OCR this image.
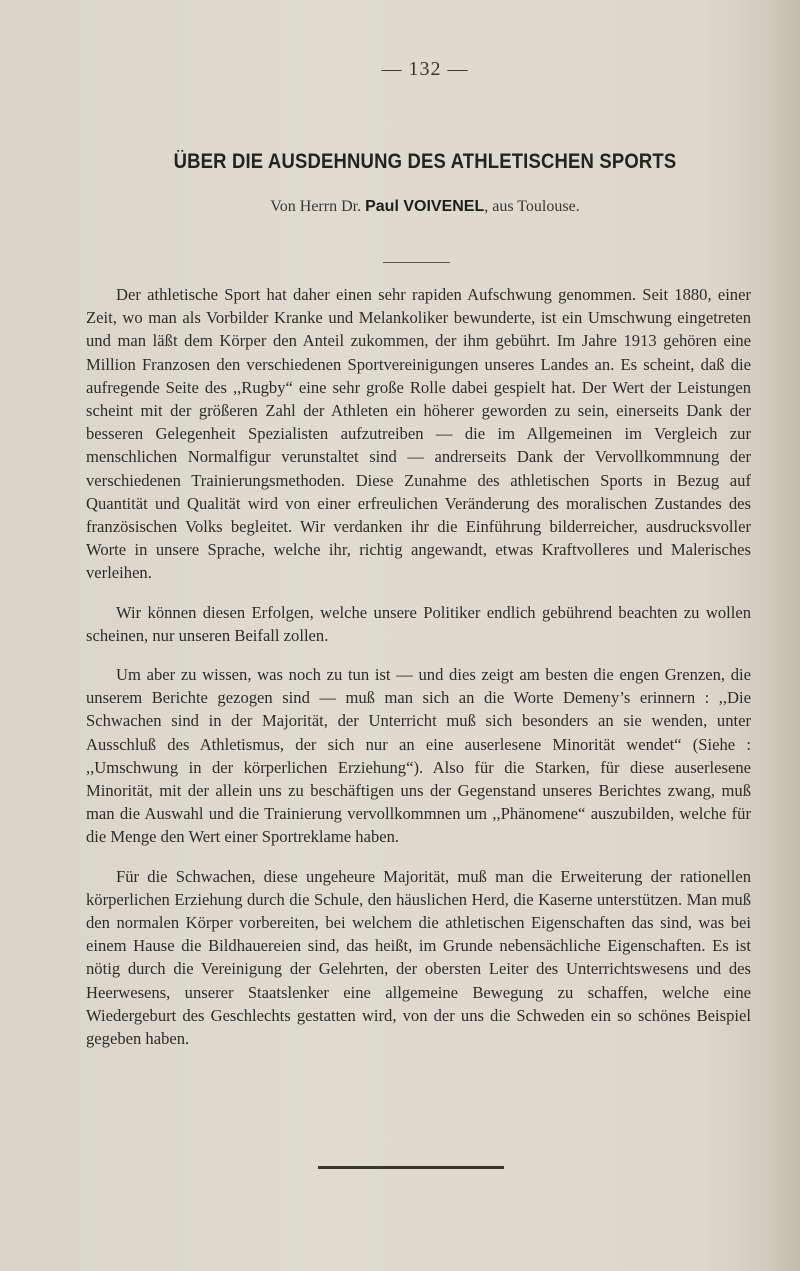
— 132 —
ÜBER DIE AUSDEHNUNG DES ATHLETISCHEN SPORTS
Von Herrn Dr. Paul VOIVENEL, aus Toulouse.

Der athletische Sport hat daher einen sehr rapiden Aufschwung genommen. Seit 1880, einer Zeit, wo man als Vorbilder Kranke und Melankoliker bewunderte, ist ein Umschwung eingetreten und man läßt dem Körper den Anteil zukommen, der ihm gebührt. Im Jahre 1913 gehören eine Million Franzosen den verschiedenen Sportvereinigungen unseres Landes an. Es scheint, daß die aufregende Seite des ,,Rugby“ eine sehr große Rolle dabei gespielt hat. Der Wert der Leistungen scheint mit der größeren Zahl der Athleten ein höherer geworden zu sein, einerseits Dank der besseren Gelegenheit Spezialisten aufzutreiben — die im Allgemeinen im Vergleich zur menschlichen Normalfigur verunstaltet sind — andrerseits Dank der Vervollkommnung der verschiedenen Trainierungsmethoden. Diese Zunahme des athletischen Sports in Bezug auf Quantität und Qualität wird von einer erfreulichen Veränderung des moralischen Zustandes des französischen Volks begleitet. Wir verdanken ihr die Einführung bilderreicher, ausdrucksvoller Worte in unsere Sprache, welche ihr, richtig angewandt, etwas Kraftvolleres und Malerisches verleihen.

Wir können diesen Erfolgen, welche unsere Politiker endlich gebührend beachten zu wollen scheinen, nur unseren Beifall zollen.

Um aber zu wissen, was noch zu tun ist — und dies zeigt am besten die engen Grenzen, die unserem Berichte gezogen sind — muß man sich an die Worte Demeny’s erinnern : ,,Die Schwachen sind in der Majorität, der Unterricht muß sich besonders an sie wenden, unter Ausschluß des Athletismus, der sich nur an eine auserlesene Minorität wendet“ (Siehe : ,,Umschwung in der körperlichen Erziehung“). Also für die Starken, für diese auserlesene Minorität, mit der allein uns zu beschäftigen uns der Gegenstand unseres Berichtes zwang, muß man die Auswahl und die Trainierung vervollkommnen um ,,Phänomene“ auszubilden, welche für die Menge den Wert einer Sportreklame haben.

Für die Schwachen, diese ungeheure Majorität, muß man die Erweiterung der rationellen körperlichen Erziehung durch die Schule, den häuslichen Herd, die Kaserne unterstützen. Man muß den normalen Körper vorbereiten, bei welchem die athletischen Eigenschaften das sind, was bei einem Hause die Bildhauereien sind, das heißt, im Grunde nebensächliche Eigenschaften. Es ist nötig durch die Vereinigung der Gelehrten, der obersten Leiter des Unterrichtswesens und des Heerwesens, unserer Staatslenker eine allgemeine Bewegung zu schaffen, welche eine Wiedergeburt des Geschlechts gestatten wird, von der uns die Schweden ein so schönes Beispiel gegeben haben.
